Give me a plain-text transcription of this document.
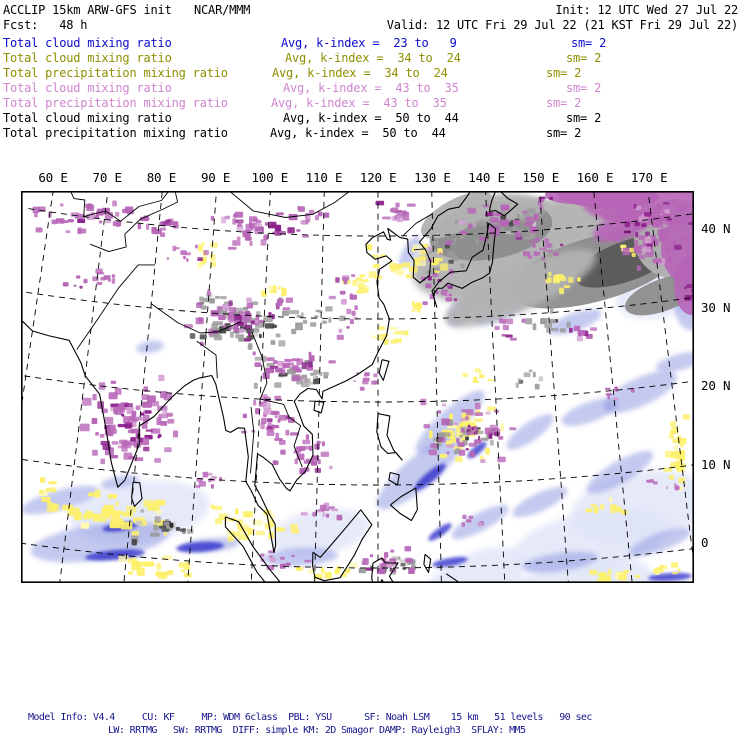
ACCLIP 15km ARW-GFS init NCAR/MMM	Init: 12 UTC Wed 27 Jul 22
Fcst:   48 h	Valid: 12 UTC Fri 29 Jul 22 (21 KST Fri 29 Jul 22)
Total cloud mixing ratio	Avg, k-index =  23 to   9	sm= 2
Total cloud mixing ratio	Avg, k-index =  34 to  24	sm= 2
Total precipitation mixing ratio	Avg, k-index =  34 to  24	sm= 2
Total cloud mixing ratio	Avg, k-index =  43 to  35	sm= 2
Total precipitation mixing ratio	Avg, k-index =  43 to  35	sm= 2
Total cloud mixing ratio	Avg, k-index =  50 to  44	sm= 2
Total precipitation mixing ratio	Avg, k-index =  50 to  44	sm= 2
60 E 70 E 80 E 90 E 100 E 110 E 120 E 130 E 140 E 150 E 160 E 170 E
40 N
30 N
20 N
10 N
0
Model Info: V4.4     CU: KF     MP: WDM 6class  PBL: YSU      SF: Noah LSM    15 km   51 levels   90 sec
LW: RRTMG   SW: RRTMG  DIFF: simple KM: 2D Smagor DAMP: Rayleigh3  SFLAY: MM5
